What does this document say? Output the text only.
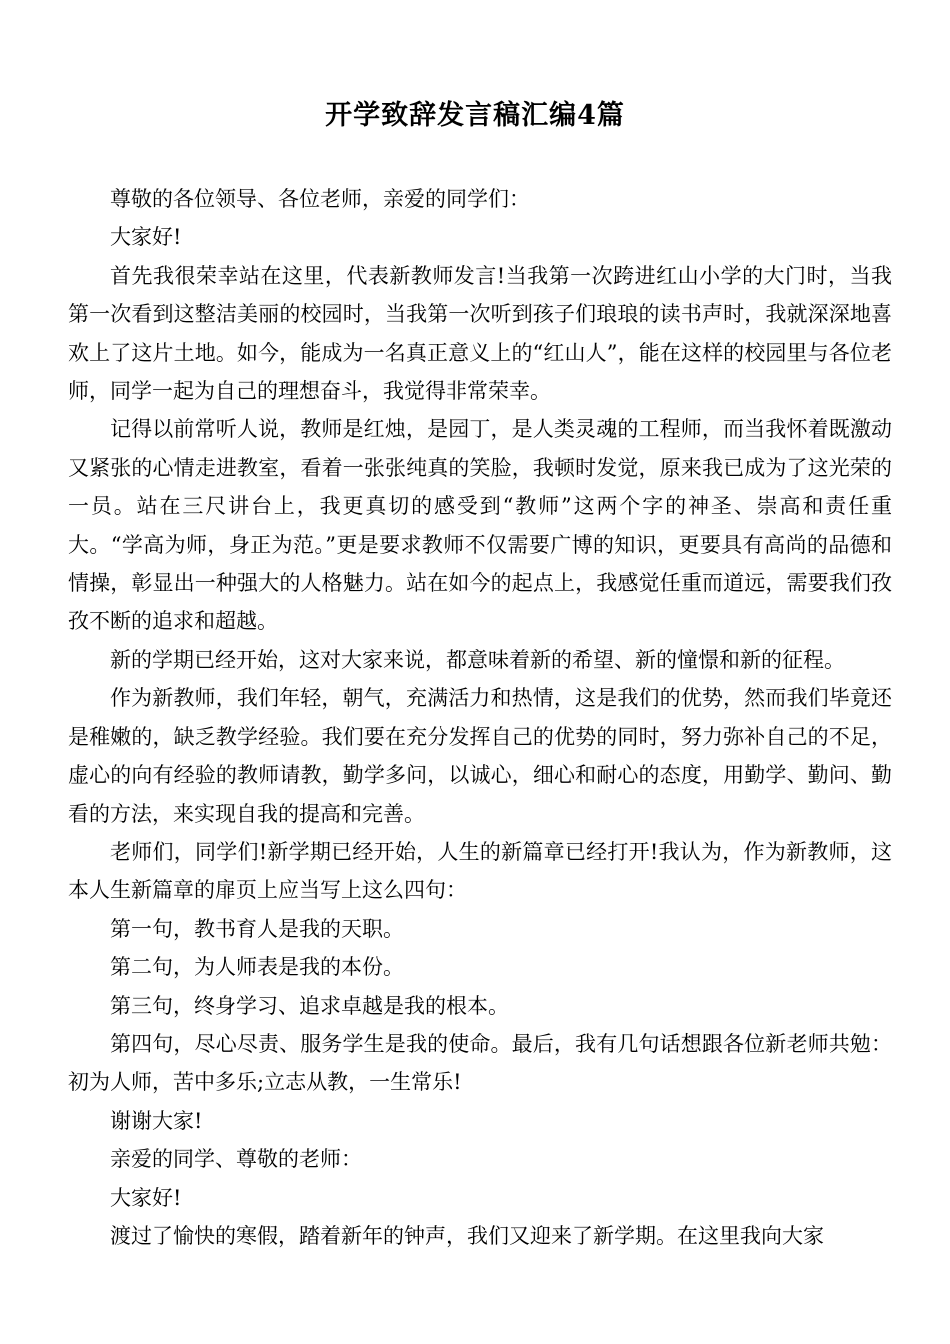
开学致辞发言稿汇编4篇

尊敬的各位领导、各位老师，亲爱的同学们：

大家好!

首先我很荣幸站在这里，代表新教师发言!当我第一次跨进红山小学的大门时，当我第一次看到这整洁美丽的校园时，当我第一次听到孩子们琅琅的读书声时，我就深深地喜欢上了这片土地。如今，能成为一名真正意义上的“红山人”，能在这样的校园里与各位老师，同学一起为自己的理想奋斗，我觉得非常荣幸。

记得以前常听人说，教师是红烛，是园丁，是人类灵魂的工程师，而当我怀着既激动又紧张的心情走进教室，看着一张张纯真的笑脸，我顿时发觉，原来我已成为了这光荣的一员。站在三尺讲台上，我更真切的感受到“教师”这两个字的神圣、崇高和责任重大。“学高为师，身正为范。”更是要求教师不仅需要广博的知识，更要具有高尚的品德和情操，彰显出一种强大的人格魅力。站在如今的起点上，我感觉任重而道远，需要我们孜孜不断的追求和超越。

新的学期已经开始，这对大家来说，都意味着新的希望、新的憧憬和新的征程。

作为新教师，我们年轻，朝气，充满活力和热情，这是我们的优势，然而我们毕竟还是稚嫩的，缺乏教学经验。我们要在充分发挥自己的优势的同时，努力弥补自己的不足，虚心的向有经验的教师请教，勤学多问，以诚心，细心和耐心的态度，用勤学、勤问、勤看的方法，来实现自我的提高和完善。

老师们，同学们!新学期已经开始，人生的新篇章已经打开!我认为，作为新教师，这本人生新篇章的扉页上应当写上这么四句：

第一句，教书育人是我的天职。

第二句，为人师表是我的本份。

第三句，终身学习、追求卓越是我的根本。

第四句，尽心尽责、服务学生是我的使命。最后，我有几句话想跟各位新老师共勉：初为人师，苦中多乐;立志从教，一生常乐!

谢谢大家!

亲爱的同学、尊敬的老师：

大家好!

渡过了愉快的寒假，踏着新年的钟声，我们又迎来了新学期。在这里我向大家
